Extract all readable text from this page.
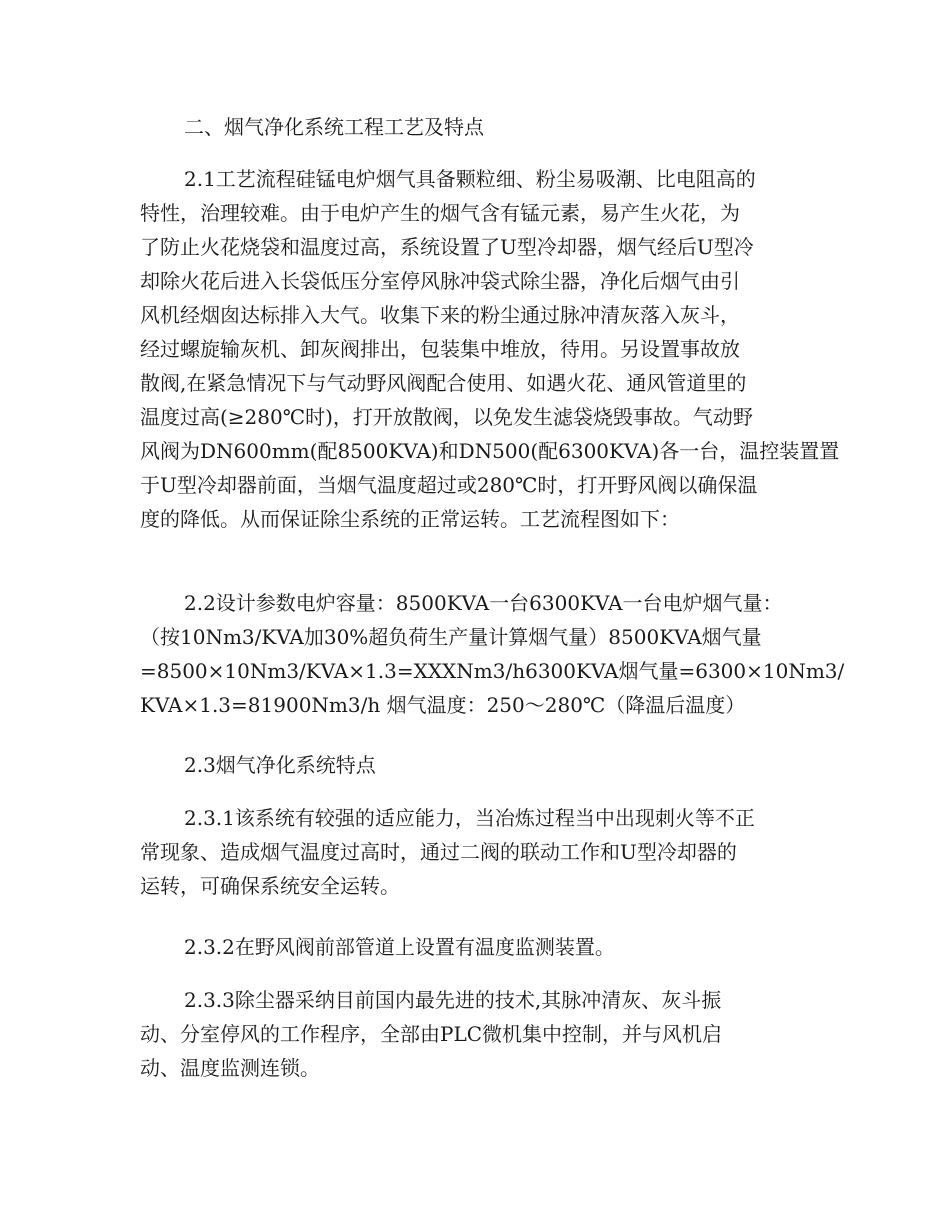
二、烟气净化系统工程工艺及特点

2.1工艺流程硅锰电炉烟气具备颗粒细、粉尘易吸潮、比电阻高的
特性，治理较难。由于电炉产生的烟气含有锰元素，易产生火花，为
了防止火花烧袋和温度过高，系统设置了U型冷却器，烟气经后U型冷
却除火花后进入长袋低压分室停风脉冲袋式除尘器，净化后烟气由引
风机经烟囱达标排入大气。收集下来的粉尘通过脉冲清灰落入灰斗，
经过螺旋输灰机、卸灰阀排出，包装集中堆放，待用。另设置事故放
散阀,在紧急情况下与气动野风阀配合使用、如遇火花、通风管道里的
温度过高(≥280℃时)，打开放散阀，以免发生滤袋烧毁事故。气动野
风阀为DN600mm(配8500KVA)和DN500(配6300KVA)各一台，温控装置置
于U型冷却器前面，当烟气温度超过或280℃时，打开野风阀以确保温
度的降低。从而保证除尘系统的正常运转。工艺流程图如下：

2.2设计参数电炉容量：8500KVA一台6300KVA一台电炉烟气量：
（按10Nm3/KVA加30%超负荷生产量计算烟气量）8500KVA烟气量
=8500×10Nm3/KVA×1.3=XXXNm3/h6300KVA烟气量=6300×10Nm3/
KVA×1.3=81900Nm3/h 烟气温度：250～280℃（降温后温度）

2.3烟气净化系统特点

2.3.1该系统有较强的适应能力，当冶炼过程当中出现刺火等不正
常现象、造成烟气温度过高时，通过二阀的联动工作和U型冷却器的
运转，可确保系统安全运转。

2.3.2在野风阀前部管道上设置有温度监测装置。

2.3.3除尘器采纳目前国内最先进的技术,其脉冲清灰、灰斗振
动、分室停风的工作程序，全部由PLC微机集中控制，并与风机启
动、温度监测连锁。
